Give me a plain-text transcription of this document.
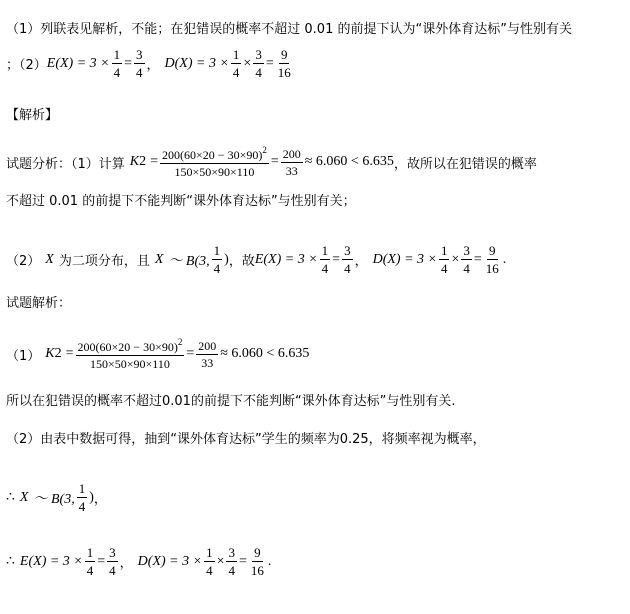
（1）列联表见解析，不能；在犯错误的概率不超过 0.01 的前提下认为“课外体育达标”与性别有关
；（2） $E(X) = 3 \times \frac{1}{4} = \frac{3}{4}$ ， $D(X) = 3 \times \frac{1}{4} \times \frac{3}{4} = \frac{9}{16}$
【解析】
试题分析：（1）计算 K $2 = \frac{200(60\times 20 - 30\times 90)^2}{150\times 50\times 90\times 110} = \frac{200}{33} \approx 6.060 < 6.635$ ，故所以在犯错误的概率
不超过 0.01 的前提下不能判断“课外体育达标”与性别有关；
（2） X 为二项分布，且 X ～ B(3, $\frac{1}{4}$ ) ，故 $E(X) = 3 \times \frac{1}{4} = \frac{3}{4}$ ， $D(X) = 3 \times \frac{1}{4} \times \frac{3}{4} = \frac{9}{16}$ .
试题解析：
（1） K $2 = \frac{200(60\times 20 - 30\times 90)^2}{150\times 50\times 90\times 110} = \frac{200}{33} \approx 6.060 < 6.635$
所以在犯错误的概率不超过0.01的前提下不能判断“课外体育达标”与性别有关.
（2）由表中数据可得，抽到“课外体育达标”学生的频率为0.25，将频率视为概率，
∴ X ～ B(3, $\frac{1}{4}$ ) ，
∴ $E(X) = 3 \times \frac{1}{4} = \frac{3}{4}$ ， $D(X) = 3 \times \frac{1}{4} \times \frac{3}{4} = \frac{9}{16}$ .
